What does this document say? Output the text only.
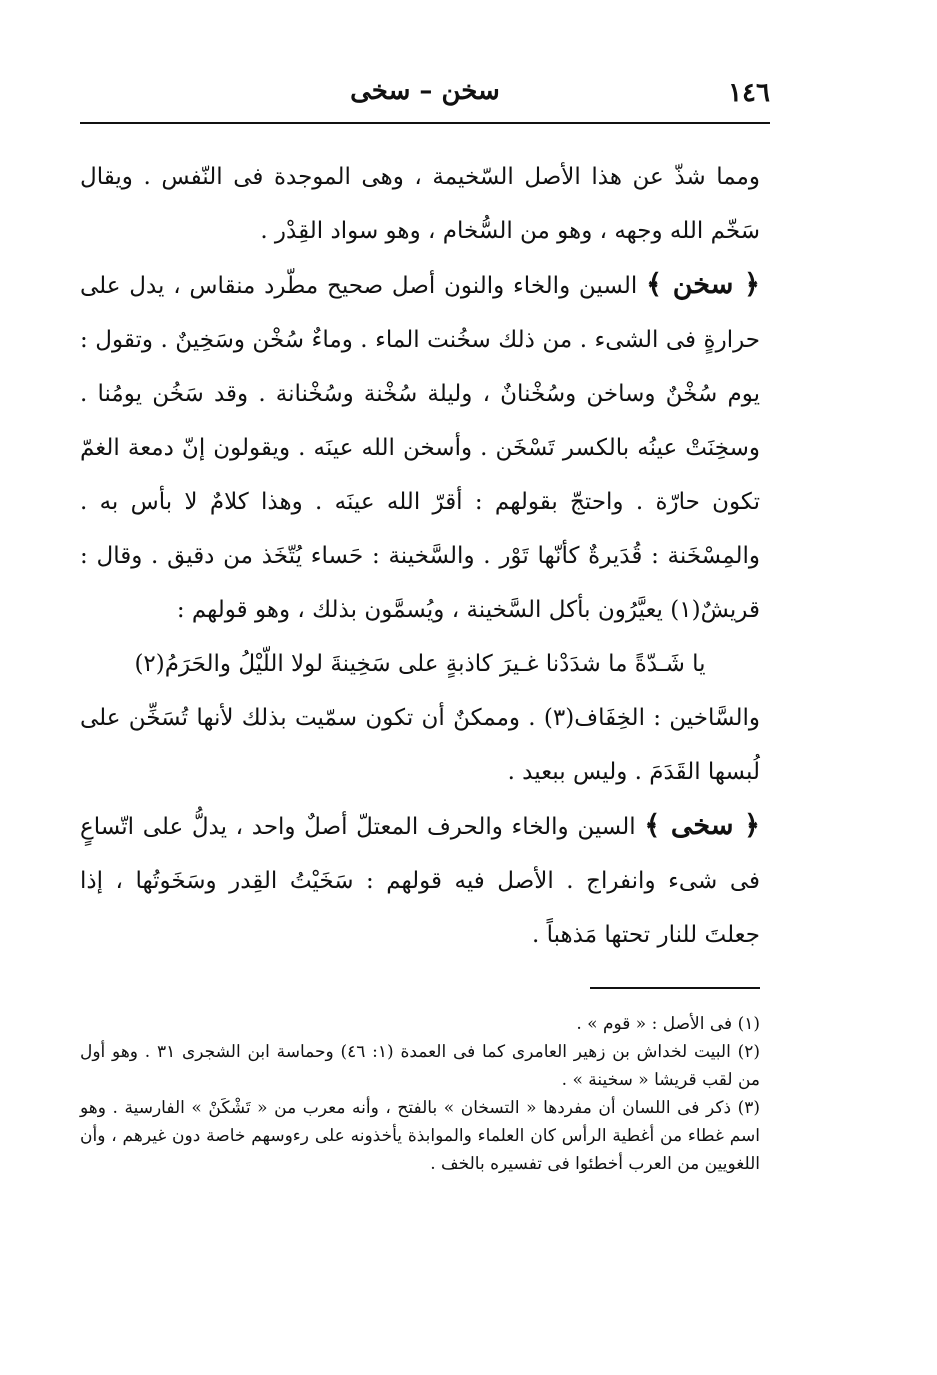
١٤٦
سخن – سخى

ومما شذّ عن هذا الأصل السّخيمة ، وهى الموجدة فى النّفس . ويقال سَخّم الله وجهه ، وهو من السُّخام ، وهو سواد القِدْر .

﴿ سخن ﴾ السين والخاء والنون أصل صحيح مطّرد منقاس ، يدل على حرارةٍ فى الشىء . من ذلك سخُنت الماء . وماءٌ سُخْن وسَخِينٌ . وتقول : يوم سُخْنٌ وساخن وسُخْنانٌ ، وليلة سُخْنة وسُخْنانة . وقد سَخُن يومُنا . وسخِنَتْ عينُه بالكسر تَسْخَن . وأسخن الله عينَه . ويقولون إنّ دمعة الغمّ تكون حارّة . واحتجّ بقولهم : أقرّ الله عينَه . وهذا كلامٌ لا بأس به . والمِسْخَنة : قُدَيرةٌ كأنّها تَوْر . والسَّخينة : حَساء يُتّخَذ من دقيق . وقال : قريشٌ(١) يعيَّرُون بأكل السَّخينة ، ويُسمَّون بذلك ، وهو قولهم :

يا شَـدّةً ما شدَدْنا غـيرَ كاذبةٍ على سَخِينةَ لولا اللّيْلُ والحَرَمُ(٢)

والسَّاخين : الخِفَاف(٣) . وممكنٌ أن تكون سمّيت بذلك لأنها تُسَخِّن على لُبسها القَدَمَ . وليس ببعيد .

﴿ سخى ﴾ السين والخاء والحرف المعتلّ أصلٌ واحد ، يدلُّ على اتّساعٍ فى شىء وانفراج . الأصل فيه قولهم : سَخَيْتُ القِدر وسَخَوتُها ، إذا جعلتَ للنار تحتها مَذهباً .

(١) فى الأصل : « قوم » .

(٢) البيت لخداش بن زهير العامرى كما فى العمدة (١: ٤٦) وحماسة ابن الشجرى ٣١ . وهو أول من لقب قريشا « سخينة » .

(٣) ذكر فى اللسان أن مفردها « التسخان » بالفتح ، وأنه معرب من « تَشْكَنْ » الفارسية . وهو اسم غطاء من أغطية الرأس كان العلماء والموابذة يأخذونه على رءوسهم خاصة دون غيرهم ، وأن اللغويين من العرب أخطئوا فى تفسيره بالخف .
